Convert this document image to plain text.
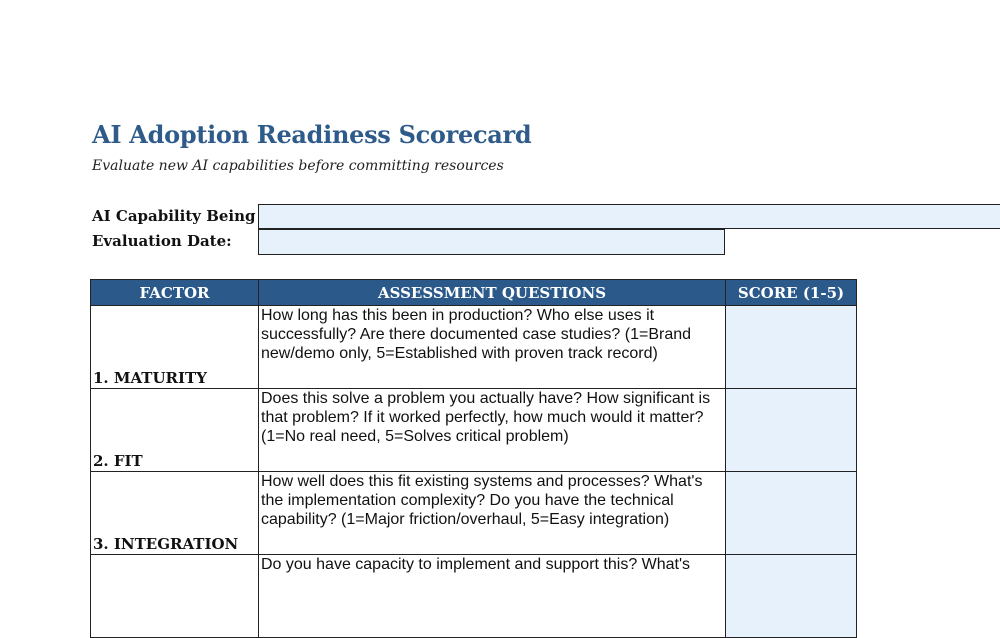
AI Adoption Readiness Scorecard
Evaluate new AI capabilities before committing resources
AI Capability Being
Evaluation Date:
FACTOR	ASSESSMENT QUESTIONS	SCORE (1-5)
1. MATURITY	How long has this been in production? Who else uses it successfully? Are there documented case studies? (1=Brand new/demo only, 5=Established with proven track record)	
2. FIT	Does this solve a problem you actually have? How significant is that problem? If it worked perfectly, how much would it matter? (1=No real need, 5=Solves critical problem)	
3. INTEGRATION	How well does this fit existing systems and processes? What's the implementation complexity? Do you have the technical capability? (1=Major friction/overhaul, 5=Easy integration)	
	Do you have capacity to implement and support this? What's	
